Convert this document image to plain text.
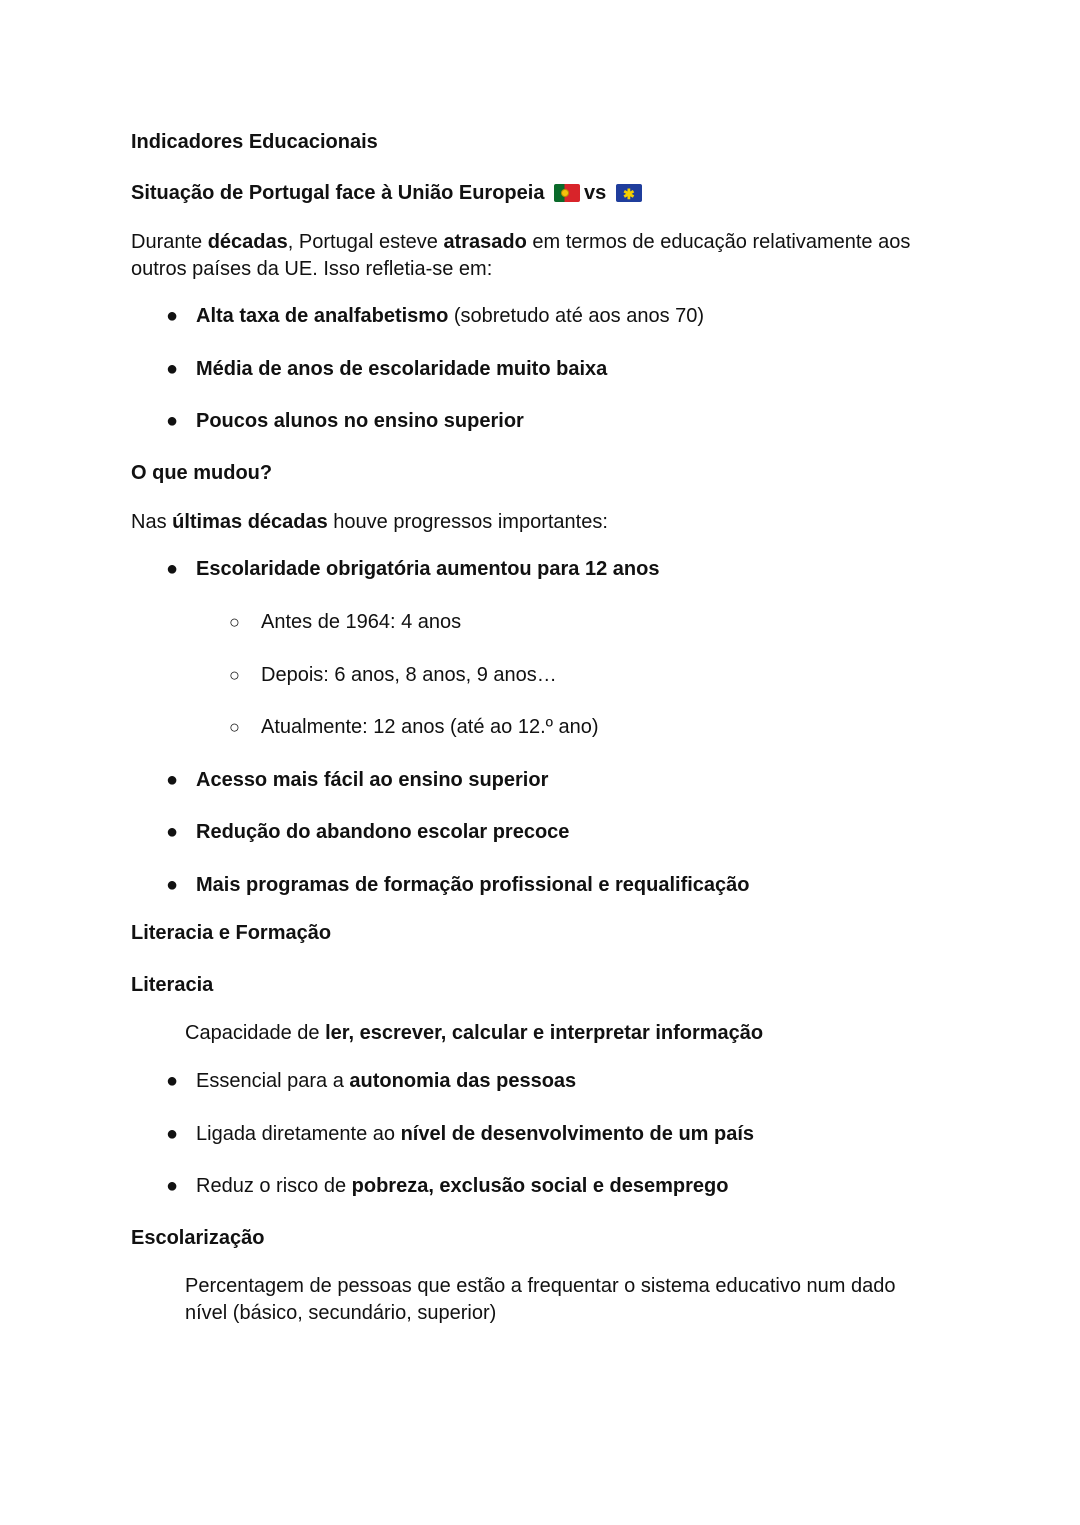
Indicadores Educacionais
Situação de Portugal face à União Europeia vs ✱
Durante décadas, Portugal esteve atrasado em termos de educação relativamente aos
outros países da UE. Isso refletia-se em:
● Alta taxa de analfabetismo (sobretudo até aos anos 70)
● Média de anos de escolaridade muito baixa
● Poucos alunos no ensino superior
O que mudou?
Nas últimas décadas houve progressos importantes:
● Escolaridade obrigatória aumentou para 12 anos
○ Antes de 1964: 4 anos
○ Depois: 6 anos, 8 anos, 9 anos…
○ Atualmente: 12 anos (até ao 12.º ano)
● Acesso mais fácil ao ensino superior
● Redução do abandono escolar precoce
● Mais programas de formação profissional e requalificação
Literacia e Formação
Literacia
Capacidade de ler, escrever, calcular e interpretar informação
● Essencial para a autonomia das pessoas
● Ligada diretamente ao nível de desenvolvimento de um país
● Reduz o risco de pobreza, exclusão social e desemprego
Escolarização
Percentagem de pessoas que estão a frequentar o sistema educativo num dado
nível (básico, secundário, superior)
